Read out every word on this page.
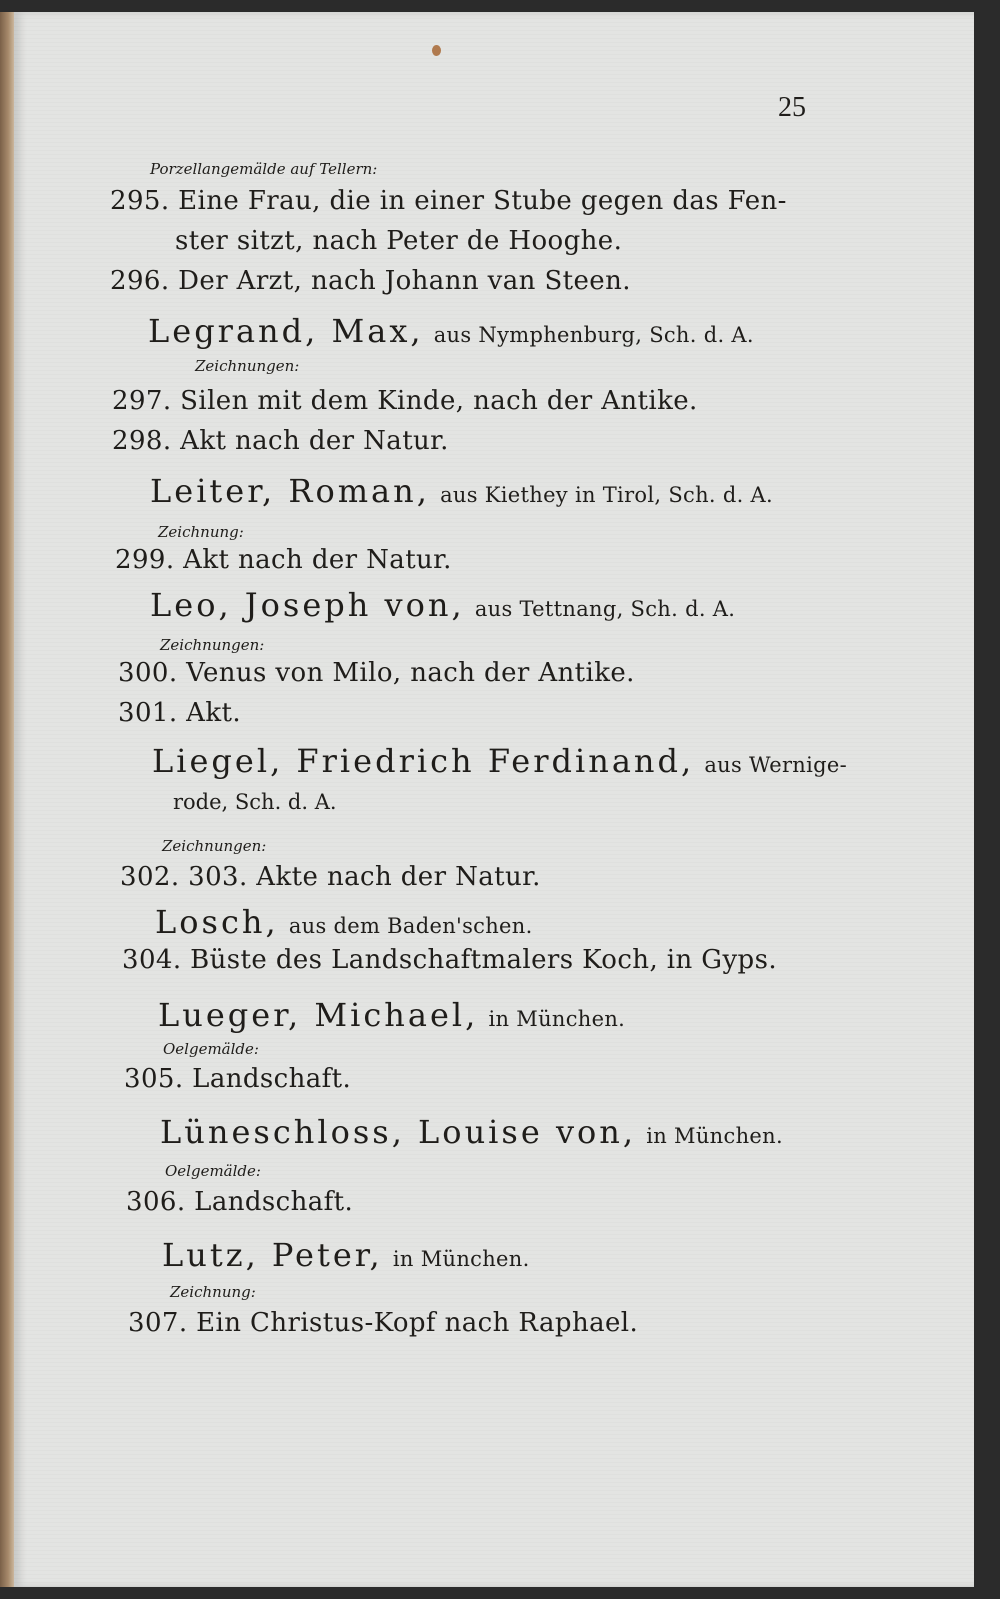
25
Porzellangemälde auf Tellern:
295. Eine Frau, die in einer Stube gegen das Fen-
ster sitzt, nach Peter de Hooghe.
296. Der Arzt, nach Johann van Steen.
Legrand, Max, aus Nymphenburg, Sch. d. A.
Zeichnungen:
297. Silen mit dem Kinde, nach der Antike.
298. Akt nach der Natur.
Leiter, Roman, aus Kiethey in Tirol, Sch. d. A.
Zeichnung:
299. Akt nach der Natur.
Leo, Joseph von, aus Tettnang, Sch. d. A.
Zeichnungen:
300. Venus von Milo, nach der Antike.
301. Akt.
Liegel, Friedrich Ferdinand, aus Wernige-
rode, Sch. d. A.
Zeichnungen:
302. 303. Akte nach der Natur.
Losch, aus dem Baden'schen.
304. Büste des Landschaftmalers Koch, in Gyps.
Lueger, Michael, in München.
Oelgemälde:
305. Landschaft.
Lüneschloss, Louise von, in München.
Oelgemälde:
306. Landschaft.
Lutz, Peter, in München.
Zeichnung:
307. Ein Christus-Kopf nach Raphael.
